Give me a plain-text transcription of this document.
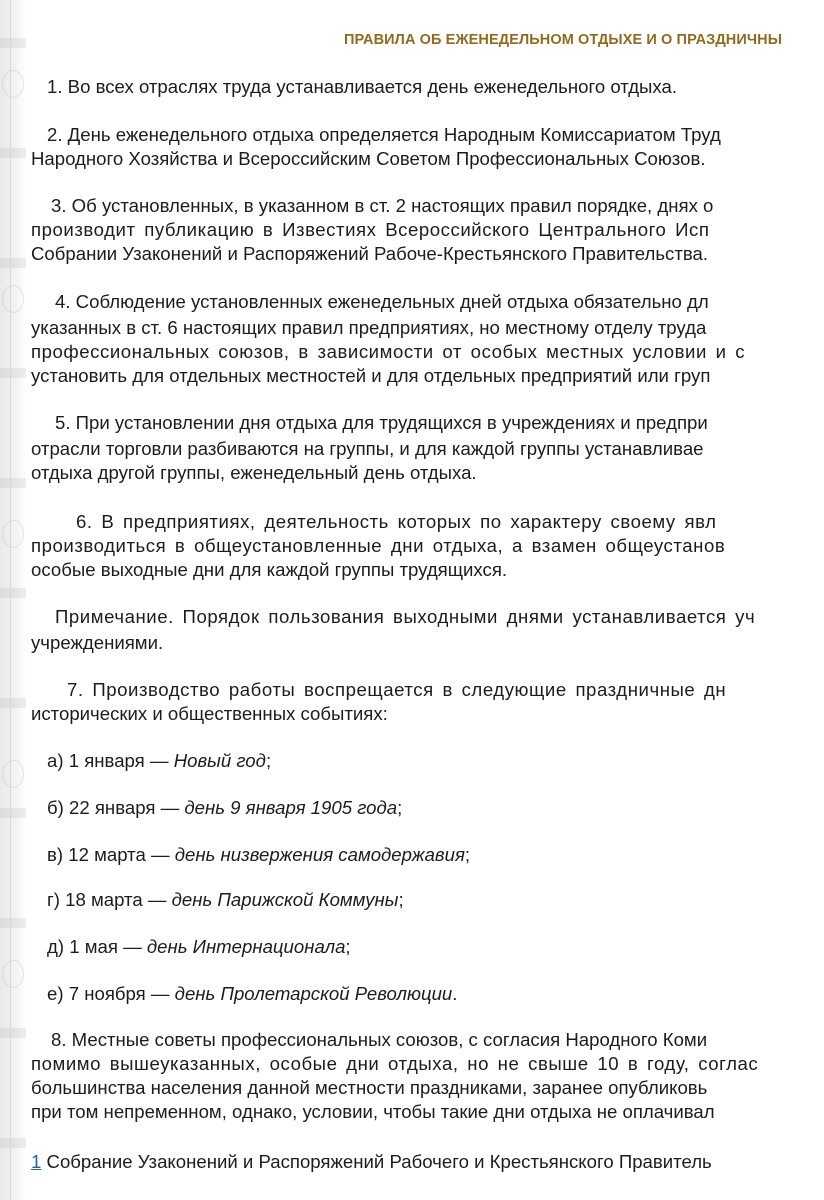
ПРАВИЛА ОБ ЕЖЕНЕДЕЛЬНОМ ОТДЫХЕ И О ПРАЗДНИЧНЫ
1. Во всех отраслях труда устанавливается день еженедельного отдыха.
2. День еженедельного отдыха определяется Народным Комиссариатом Труд
Народного Хозяйства и Всероссийским Советом Профессиональных Союзов.
3. Об установленных, в указанном в ст. 2 настоящих правил порядке, днях о
производит публикацию в Известиях Всероссийского Центрального Исп
Собрании Узаконений и Распоряжений Рабоче-Крестьянского Правительства.
4. Соблюдение установленных еженедельных дней отдыха обязательно дл
указанных в ст. 6 настоящих правил предприятиях, но местному отделу труда
профессиональных союзов, в зависимости от особых местных условии и с
установить для отдельных местностей и для отдельных предприятий или груп
5. При установлении дня отдыха для трудящихся в учреждениях и предпри
отрасли торговли разбиваются на группы, и для каждой группы устанавливае
отдыха другой группы, еженедельный день отдыха.
6. В предприятиях, деятельность которых по характеру своему явл
производиться в общеустановленные дни отдыха, а взамен общеустанов
особые выходные дни для каждой группы трудящихся.
Примечание. Порядок пользования выходными днями устанавливается уч
учреждениями.
7. Производство работы воспрещается в следующие праздничные дн
исторических и общественных событиях:
а) 1 января — Новый год;
б) 22 января — день 9 января 1905 года;
в) 12 марта — день низвержения самодержавия;
г) 18 марта — день Парижской Коммуны;
д) 1 мая — день Интернационала;
е) 7 ноября — день Пролетарской Революции.
8. Местные советы профессиональных союзов, с согласия Народного Коми
помимо вышеуказанных, особые дни отдыха, но не свыше 10 в году, соглас
большинства населения данной местности праздниками, заранее опубликовь
при том непременном, однако, условии, чтобы такие дни отдыха не оплачивал
1 Собрание Узаконений и Распоряжений Рабочего и Крестьянского Правитель
